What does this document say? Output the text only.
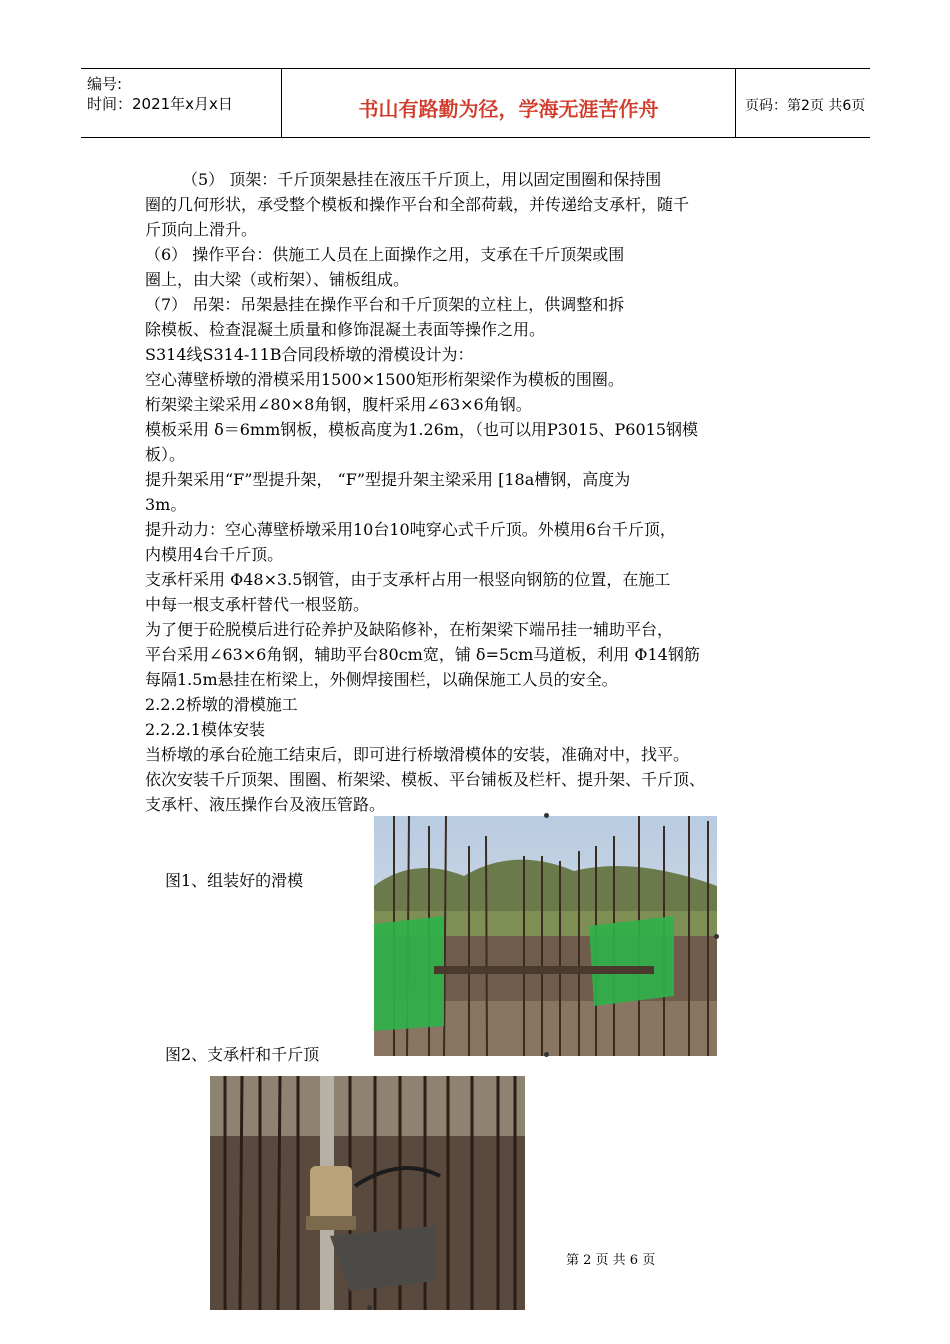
编号:
时间：2021年x月x日	书山有路勤为径，学海无涯苦作舟	页码：第2页 共6页
（5） 顶架：千斤顶架悬挂在液压千斤顶上，用以固定围圈和保持围
圈的几何形状，承受整个模板和操作平台和全部荷载，并传递给支承杆，随千
斤顶向上滑升。
（6） 操作平台：供施工人员在上面操作之用，支承在千斤顶架或围
圈上，由大梁（或桁架）、铺板组成。
（7） 吊架：吊架悬挂在操作平台和千斤顶架的立柱上，供调整和拆
除模板、检查混凝土质量和修饰混凝土表面等操作之用。
S314线S314-11B合同段桥墩的滑模设计为：
空心薄壁桥墩的滑模采用1500×1500矩形桁架梁作为模板的围圈。
桁架梁主梁采用∠80×8角钢，腹杆采用∠63×6角钢。
模板采用 δ＝6mm钢板，模板高度为1.26m，（也可以用P3015、P6015钢模
板）。
提升架采用“F”型提升架， “F”型提升架主梁采用 [18a槽钢，高度为
3m。
提升动力：空心薄壁桥墩采用10台10吨穿心式千斤顶。外模用6台千斤顶，
内模用4台千斤顶。
支承杆采用 Φ48×3.5钢管，由于支承杆占用一根竖向钢筋的位置，在施工
中每一根支承杆替代一根竖筋。
为了便于砼脱模后进行砼养护及缺陷修补，在桁架梁下端吊挂一辅助平台，
平台采用∠63×6角钢，辅助平台80cm宽，铺 δ=5cm马道板，利用 Φ14钢筋
每隔1.5m悬挂在桁梁上，外侧焊接围栏，以确保施工人员的安全。
2.2.2桥墩的滑模施工
2.2.2.1模体安装
当桥墩的承台砼施工结束后，即可进行桥墩滑模体的安装，准确对中，找平。
依次安装千斤顶架、围圈、桁架梁、模板、平台铺板及栏杆、提升架、千斤顶、
支承杆、液压操作台及液压管路。
图1、组装好的滑模
图2、支承杆和千斤顶
第 2 页 共 6 页
